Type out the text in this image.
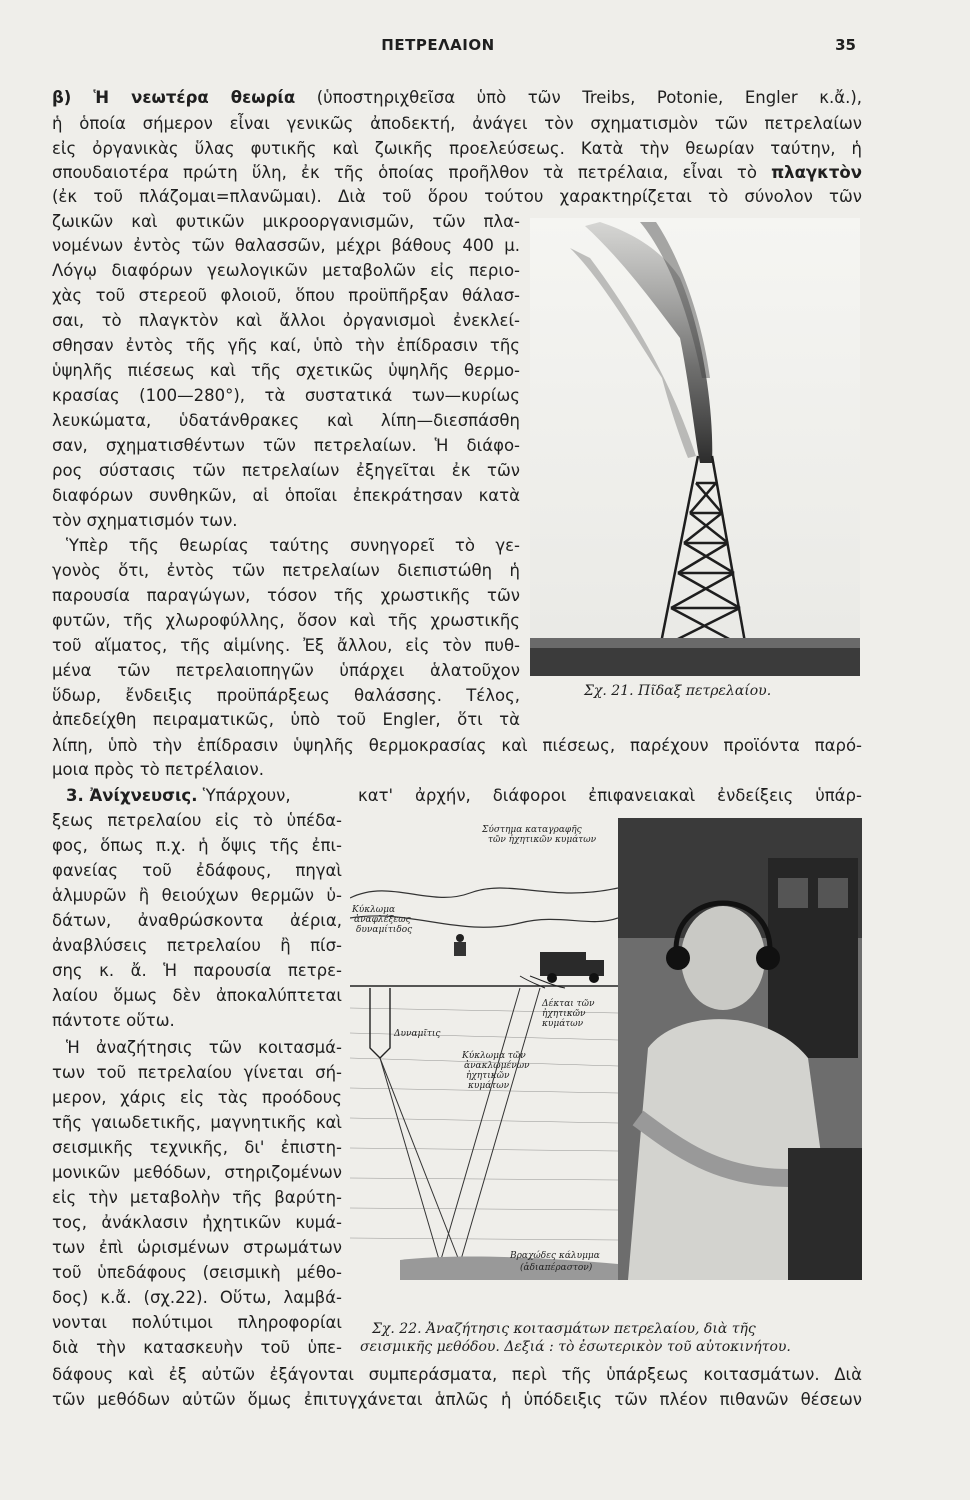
ΠΕΤΡΕΛΑΙΟΝ	35
β) Ἡ νεωτέρα θεωρία (ὑποστηριχθεῖσα ὑπὸ τῶν Treibs, Potonie, Engler κ.ἄ.),
ἡ ὁποία σήμερον εἶναι γενικῶς ἀποδεκτή, ἀνάγει τὸν σχηματισμὸν τῶν πετρελαίων
εἰς ὀργανικὰς ὕλας φυτικῆς καὶ ζωικῆς προελεύσεως. Κατὰ τὴν θεωρίαν ταύτην, ἡ
σπουδαιοτέρα πρώτη ὕλη, ἐκ τῆς ὁποίας προῆλθον τὰ πετρέλαια, εἶναι τὸ πλαγκτὸν
(ἐκ τοῦ πλάζομαι=πλανῶμαι). Διὰ τοῦ ὅρου τούτου χαρακτηρίζεται τὸ σύνολον τῶν
ζωικῶν καὶ φυτικῶν μικροοργανισμῶν, τῶν πλα-
νομένων ἐντὸς τῶν θαλασσῶν, μέχρι βάθους 400 μ.
Λόγῳ διαφόρων γεωλογικῶν μεταβολῶν εἰς περιο-
χὰς τοῦ στερεοῦ φλοιοῦ, ὅπου προϋπῆρξαν θάλασ-
σαι, τὸ πλαγκτὸν καὶ ἄλλοι ὀργανισμοὶ ἐνεκλεί-
σθησαν ἐντὸς τῆς γῆς καί, ὑπὸ τὴν ἐπίδρασιν τῆς
ὑψηλῆς πιέσεως καὶ τῆς σχετικῶς ὑψηλῆς θερμο-
κρασίας (100—280°), τὰ συστατικά των—κυρίως
λευκώματα, ὑδατάνθρακες καὶ λίπη—διεσπάσθη
σαν, σχηματισθέντων τῶν πετρελαίων. Ἡ διάφο-
ρος σύστασις τῶν πετρελαίων ἐξηγεῖται ἐκ τῶν
διαφόρων συνθηκῶν, αἱ ὁποῖαι ἐπεκράτησαν κατὰ
τὸν σχηματισμόν των.
Ὑπὲρ τῆς θεωρίας ταύτης συνηγορεῖ τὸ γε-
γονὸς ὅτι, ἐντὸς τῶν πετρελαίων διεπιστώθη ἡ
παρουσία παραγώγων, τόσον τῆς χρωστικῆς τῶν
φυτῶν, τῆς χλωροφύλλης, ὅσον καὶ τῆς χρωστικῆς
τοῦ αἵματος, τῆς αἱμίνης. Ἐξ ἄλλου, εἰς τὸν πυθ-
μένα τῶν πετρελαιοπηγῶν ὑπάρχει ἁλατοῦχον
ὕδωρ, ἔνδειξις προϋπάρξεως θαλάσσης. Τέλος,
ἀπεδείχθη πειραματικῶς, ὑπὸ τοῦ Engler, ὅτι τὰ
λίπη, ὑπὸ τὴν ἐπίδρασιν ὑψηλῆς θερμοκρασίας καὶ πιέσεως, παρέχουν προϊόντα παρό-
μοια πρὸς τὸ πετρέλαιον.
3. Ἀνίχνευσις. Ὑπάρχουν,	κατ' ἀρχήν, διάφοροι ἐπιφανειακαὶ ἐνδείξεις ὑπάρ-
ξεως πετρελαίου εἰς τὸ ὑπέδα-
φος, ὅπως π.χ. ἡ ὄψις τῆς ἐπι-
φανείας τοῦ ἐδάφους, πηγαὶ
ἁλμυρῶν ἢ θειούχων θερμῶν ὑ-
δάτων, ἀναθρώσκοντα ἀέρια,
ἀναβλύσεις πετρελαίου ἢ πίσ-
σης κ. ἄ. Ἡ παρουσία πετρε-
λαίου ὅμως δὲν ἀποκαλύπτεται
πάντοτε οὕτω.
Ἡ ἀναζήτησις τῶν κοιτασμά-
των τοῦ πετρελαίου γίνεται σή-
μερον, χάρις εἰς τὰς προόδους
τῆς γαιωδετικῆς, μαγνητικῆς καὶ
σεισμικῆς τεχνικῆς, δι' ἐπιστη-
μονικῶν μεθόδων, στηριζομένων
εἰς τὴν μεταβολὴν τῆς βαρύτη-
τος, ἀνάκλασιν ἠχητικῶν κυμά-
των ἐπὶ ὡρισμένων στρωμάτων
τοῦ ὑπεδάφους (σεισμικὴ μέθο-
δος) κ.ἄ. (σχ.22). Οὕτω, λαμβά-
νονται πολύτιμοι πληροφορίαι
διὰ τὴν κατασκευὴν τοῦ ὑπε-
δάφους καὶ ἐξ αὐτῶν ἐξάγονται συμπεράσματα, περὶ τῆς ὑπάρξεως κοιτασμάτων. Διὰ
τῶν μεθόδων αὐτῶν ὅμως ἐπιτυγχάνεται ἁπλῶς ἡ ὑπόδειξις τῶν πλέον πιθανῶν θέσεων
Σχ. 21. Πῖδαξ πετρελαίου.
Σύστημα καταγραφῆς
τῶν ἠχητικῶν κυμάτων
Κύκλωμα
ἀναφλέξεως
δυναμίτιδος
Δυναμῖτις
Δέκται τῶν
ἠχητικῶν
κυμάτων
Κύκλωμα τῶν
ἀνακλωμένων
ἠχητικῶν
κυμάτων
Βραχώδες κάλυμμα
(ἀδιαπέραστον)
Σχ. 22. Ἀναζήτησις κοιτασμάτων πετρελαίου, διὰ τῆς
σεισμικῆς μεθόδου. Δεξιά : τὸ ἐσωτερικὸν τοῦ αὐτοκινήτου.
